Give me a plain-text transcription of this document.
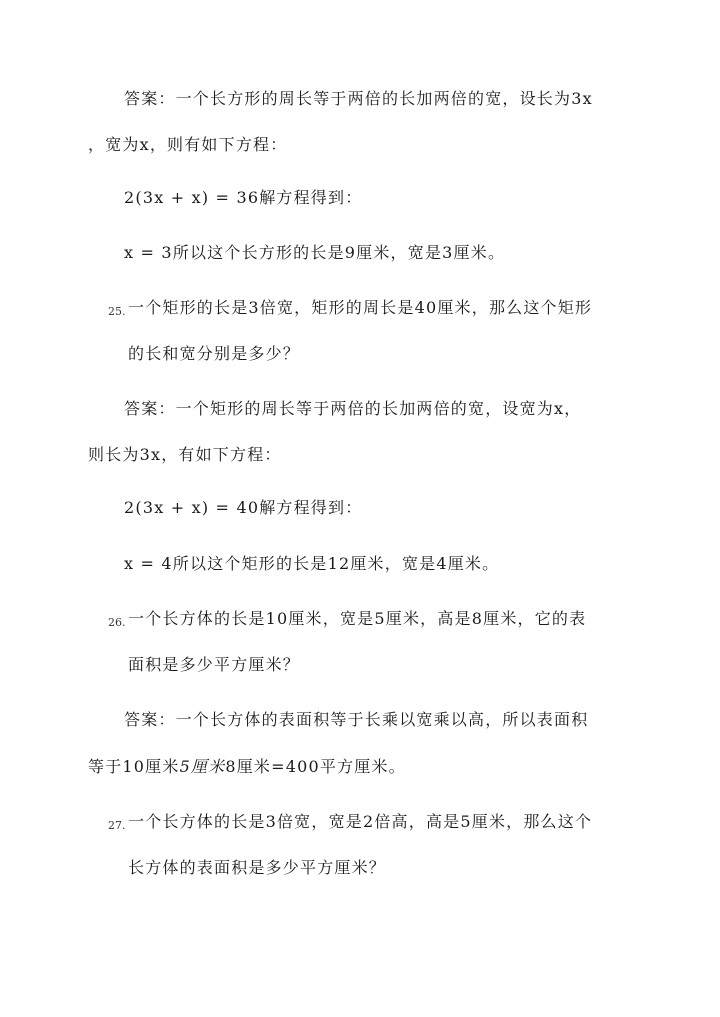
答案：一个长方形的周长等于两倍的长加两倍的宽，设长为3x
，宽为x，则有如下方程：
2(3x + x) = 36解方程得到：
x = 3所以这个长方形的长是9厘米，宽是3厘米。
25. 一个矩形的长是3倍宽，矩形的周长是40厘米，那么这个矩形
的长和宽分别是多少？
答案：一个矩形的周长等于两倍的长加两倍的宽，设宽为x，
则长为3x，有如下方程：
2(3x + x) = 40解方程得到：
x = 4所以这个矩形的长是12厘米，宽是4厘米。
26. 一个长方体的长是10厘米，宽是5厘米，高是8厘米，它的表
面积是多少平方厘米？
答案：一个长方体的表面积等于长乘以宽乘以高，所以表面积
等于10厘米5厘米8厘米=400平方厘米。
27. 一个长方体的长是3倍宽，宽是2倍高，高是5厘米，那么这个
长方体的表面积是多少平方厘米？
